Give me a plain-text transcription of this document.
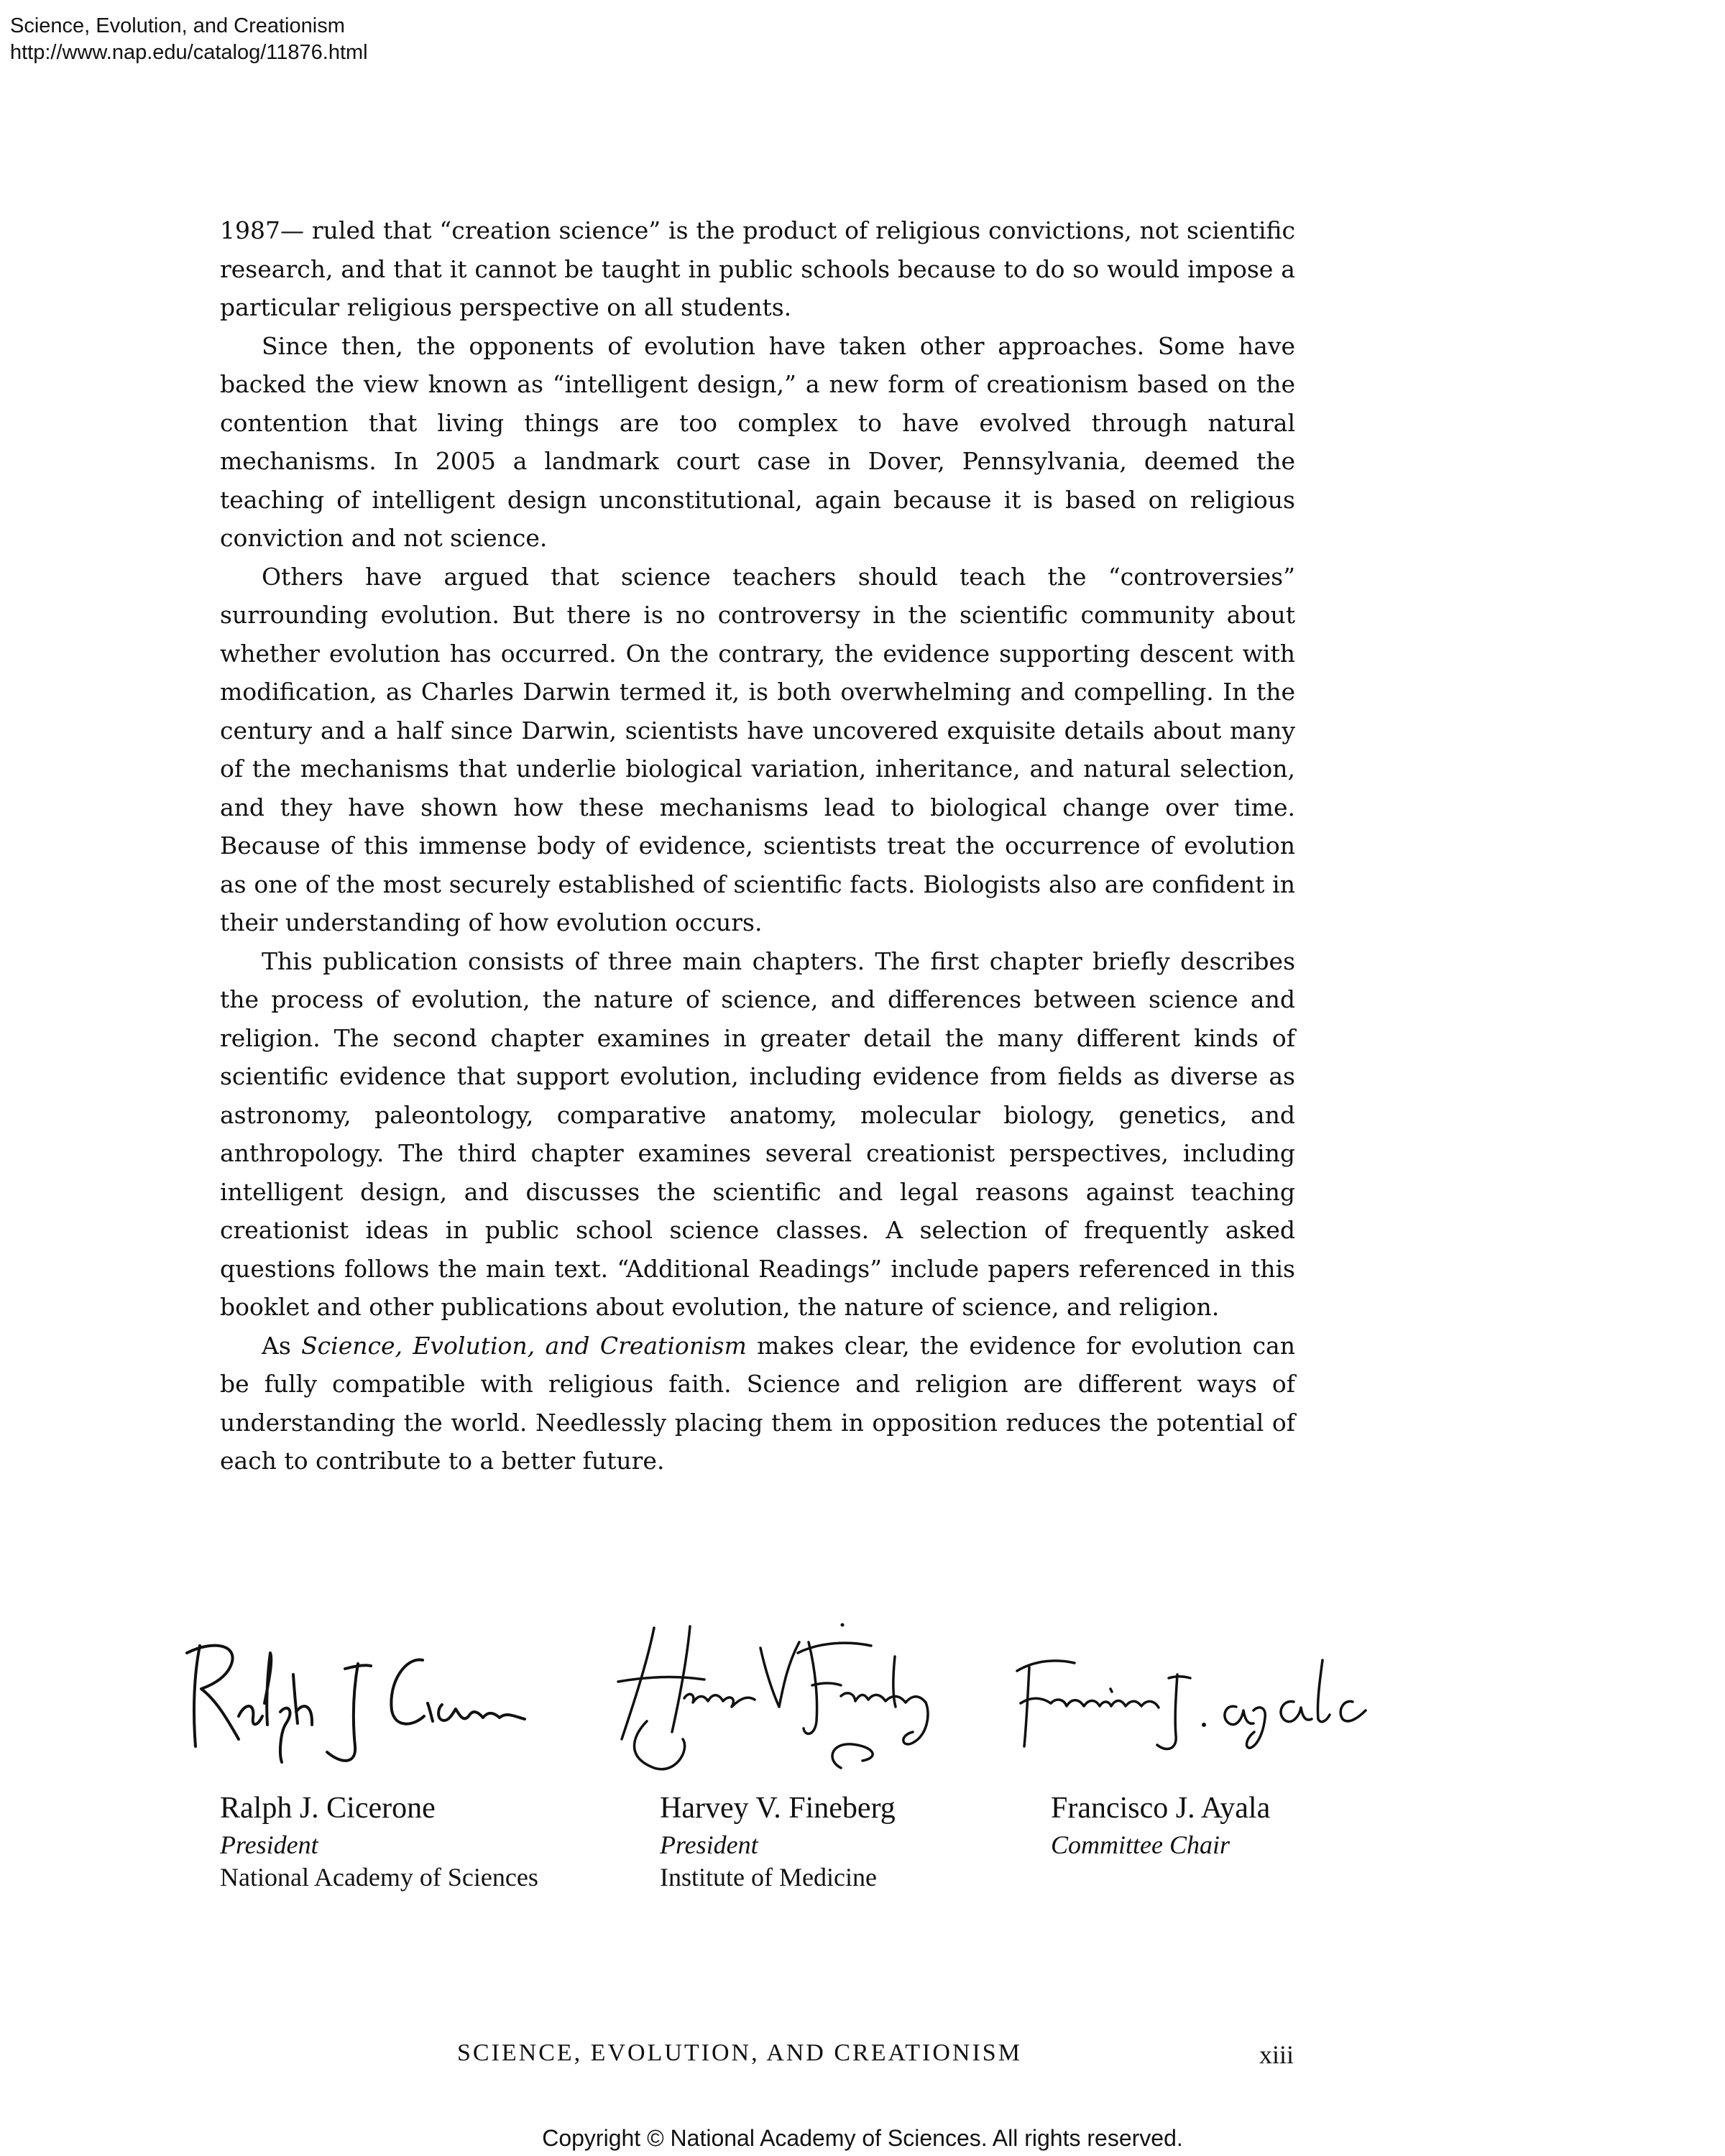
Science, Evolution, and Creationism
http://www.nap.edu/catalog/11876.html

1987— ruled that “creation science” is the product of religious convictions, not scientific research, and that it cannot be taught in public schools because to do so would impose a particular religious perspective on all students.

Since then, the opponents of evolution have taken other approaches. Some have backed the view known as “intelligent design,” a new form of creationism based on the contention that living things are too complex to have evolved through natural mechanisms. In 2005 a landmark court case in Dover, Pennsylvania, deemed the teaching of intelligent design unconstitutional, again because it is based on religious conviction and not science.

Others have argued that science teachers should teach the “controversies” surrounding evolution. But there is no controversy in the scientific community about whether evolution has occurred. On the contrary, the evidence supporting descent with modification, as Charles Darwin termed it, is both overwhelming and compelling. In the century and a half since Darwin, scientists have uncovered exquisite details about many of the mechanisms that underlie biological variation, inheritance, and natural selection, and they have shown how these mechanisms lead to biological change over time. Because of this immense body of evidence, scientists treat the occurrence of evolution as one of the most securely established of scientific facts. Biologists also are confident in their understanding of how evolution occurs.

This publication consists of three main chapters. The first chapter briefly describes the process of evolution, the nature of science, and differences between science and religion. The second chapter examines in greater detail the many different kinds of scientific evidence that support evolution, including evidence from fields as diverse as astronomy, paleontology, comparative anatomy, molecular biology, genetics, and anthropology. The third chapter examines several creationist perspectives, including intelligent design, and discusses the scientific and legal reasons against teaching creationist ideas in public school science classes. A selection of frequently asked questions follows the main text. “Additional Readings” include papers referenced in this booklet and other publications about evolution, the nature of science, and religion.

As Science, Evolution, and Creationism makes clear, the evidence for evolution can be fully compatible with religious faith. Science and religion are different ways of understanding the world. Needlessly placing them in opposition reduces the potential of each to contribute to a better future.

Ralph J. Cicerone
President
National Academy of Sciences
Harvey V. Fineberg
President
Institute of Medicine
Francisco J. Ayala
Committee Chair
SCIENCE, EVOLUTION, AND CREATIONISM	xiii
Copyright © National Academy of Sciences. All rights reserved.
